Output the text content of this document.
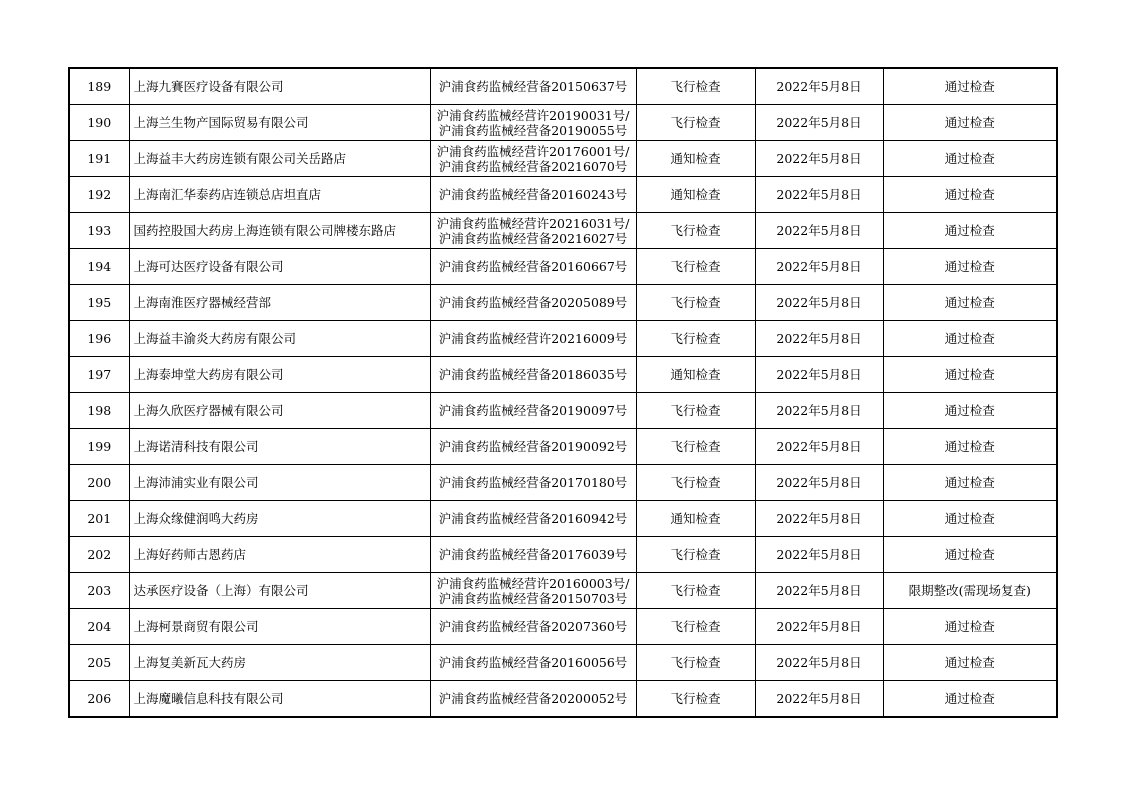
189	上海九賽医疗设备有限公司	沪浦食药监械经营备20150637号	飞行检查	2022年5月8日	通过检查
190	上海兰生物产国际贸易有限公司	沪浦食药监械经营许20190031号/
沪浦食药监械经营备20190055号	飞行检查	2022年5月8日	通过检查
191	上海益丰大药房连锁有限公司关岳路店	沪浦食药监械经营许20176001号/
沪浦食药监械经营备20216070号	通知检查	2022年5月8日	通过检查
192	上海南汇华泰药店连锁总店坦直店	沪浦食药监械经营备20160243号	通知检查	2022年5月8日	通过检查
193	国药控股国大药房上海连锁有限公司牌楼东路店	沪浦食药监械经营许20216031号/
沪浦食药监械经营备20216027号	飞行检查	2022年5月8日	通过检查
194	上海可达医疗设备有限公司	沪浦食药监械经营备20160667号	飞行检查	2022年5月8日	通过检查
195	上海南淮医疗器械经营部	沪浦食药监械经营备20205089号	飞行检查	2022年5月8日	通过检查
196	上海益丰渝炎大药房有限公司	沪浦食药监械经营许20216009号	飞行检查	2022年5月8日	通过检查
197	上海泰坤堂大药房有限公司	沪浦食药监械经营备20186035号	通知检查	2022年5月8日	通过检查
198	上海久欣医疗器械有限公司	沪浦食药监械经营备20190097号	飞行检查	2022年5月8日	通过检查
199	上海诺清科技有限公司	沪浦食药监械经营备20190092号	飞行检查	2022年5月8日	通过检查
200	上海沛浦实业有限公司	沪浦食药监械经营备20170180号	飞行检查	2022年5月8日	通过检查
201	上海众缘健润鸣大药房	沪浦食药监械经营备20160942号	通知检查	2022年5月8日	通过检查
202	上海好药师古恩药店	沪浦食药监械经营备20176039号	飞行检查	2022年5月8日	通过检查
203	达承医疗设备（上海）有限公司	沪浦食药监械经营许20160003号/
沪浦食药监械经营备20150703号	飞行检查	2022年5月8日	限期整改(需现场复查)
204	上海柯景商贸有限公司	沪浦食药监械经营备20207360号	飞行检查	2022年5月8日	通过检查
205	上海复美新瓦大药房	沪浦食药监械经营备20160056号	飞行检查	2022年5月8日	通过检查
206	上海魔曦信息科技有限公司	沪浦食药监械经营备20200052号	飞行检查	2022年5月8日	通过检查
